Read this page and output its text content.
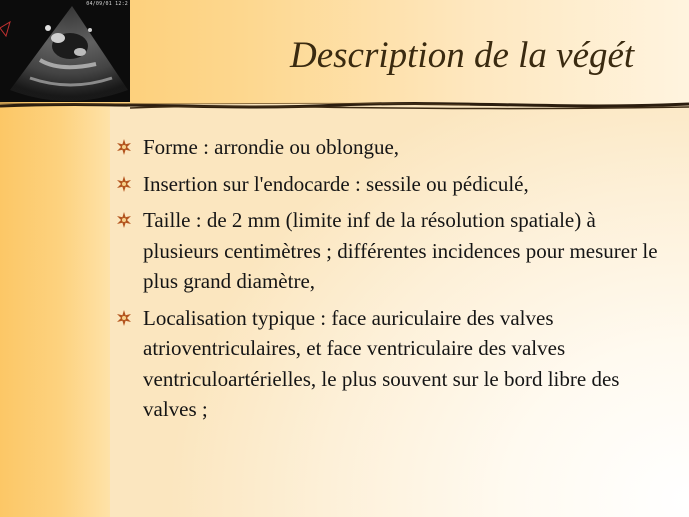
04/09/01 12:2
Description de la végét
Forme : arrondie ou oblongue,
Insertion sur l'endocarde : sessile ou pédiculé,
Taille : de 2 mm (limite inf de la résolution spatiale) à plusieurs centimètres ; différentes incidences pour mesurer le plus grand diamètre,
Localisation typique : face auriculaire des valves atrioventriculaires, et face ventriculaire des valves ventriculoartérielles, le plus souvent sur le bord libre des valves ;
